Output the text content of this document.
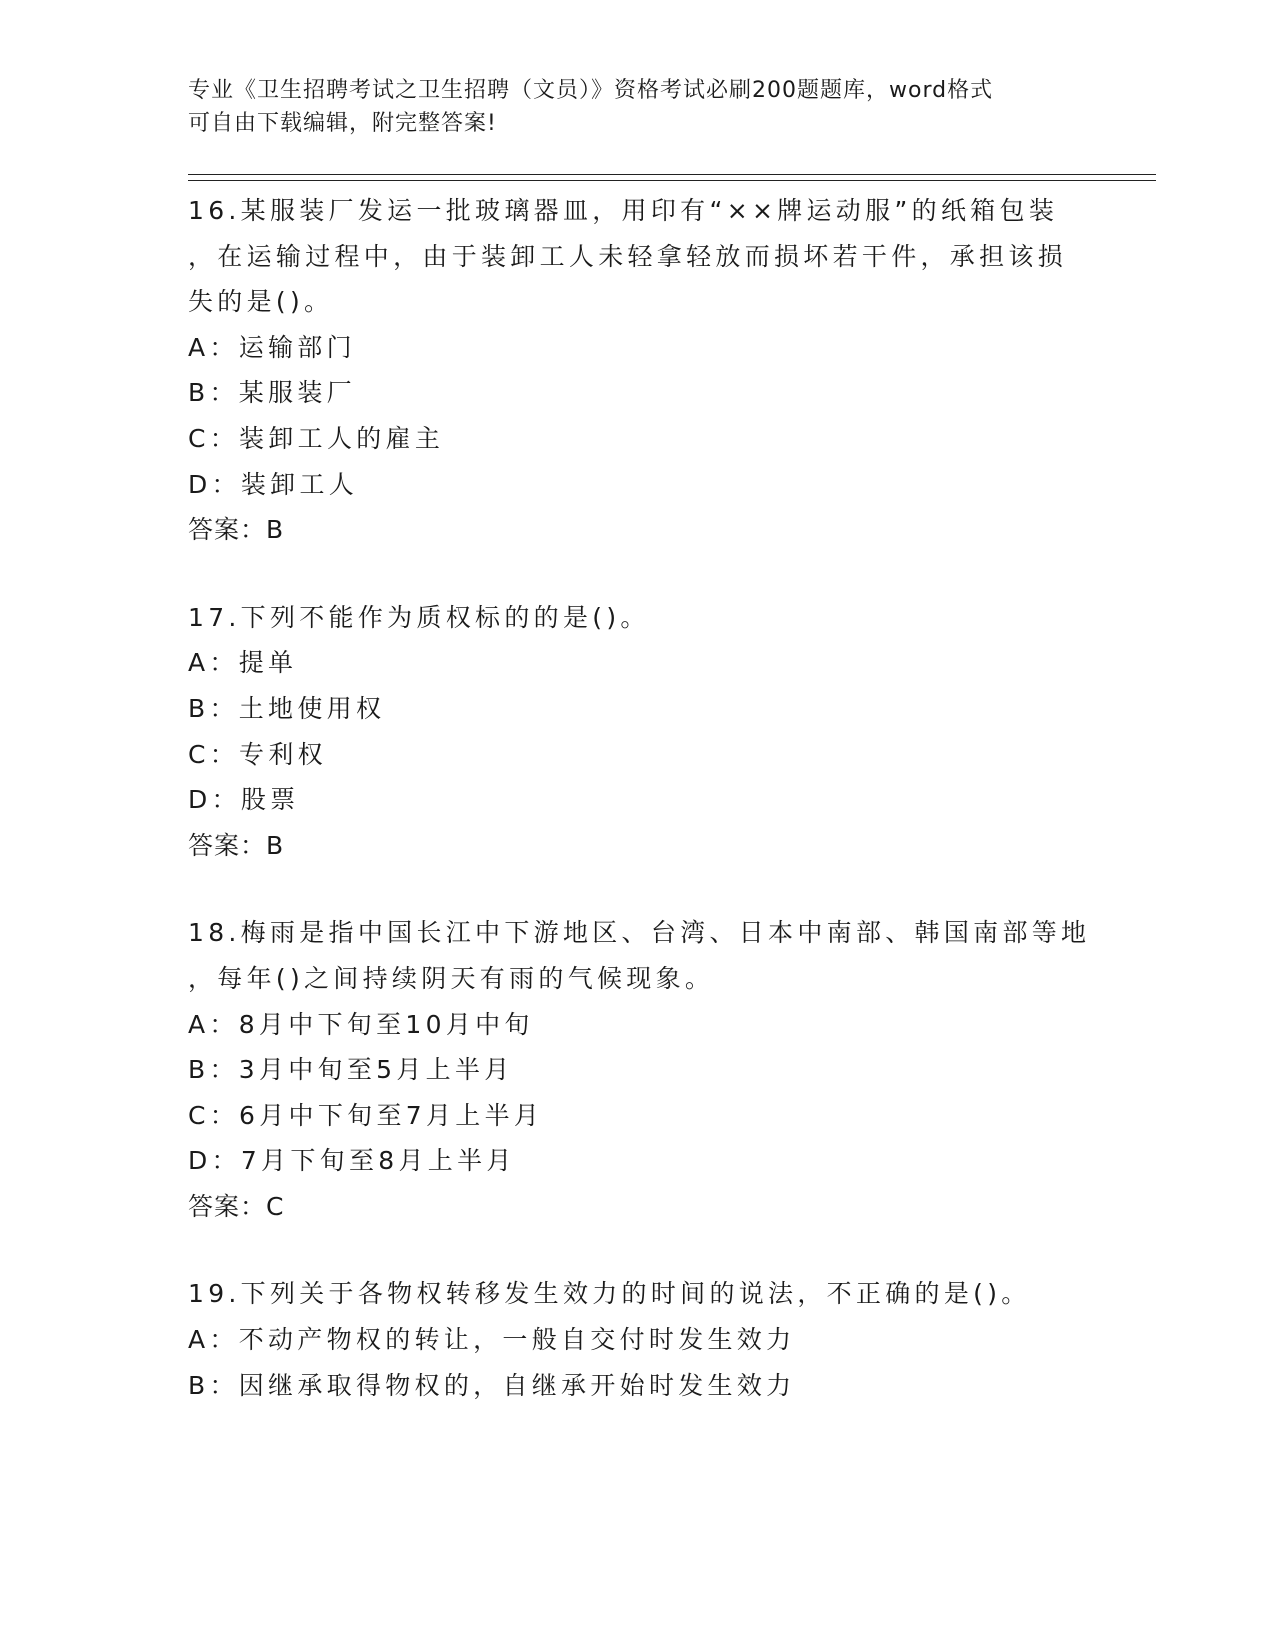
专业《卫生招聘考试之卫生招聘（文员）》资格考试必刷200题题库，word格式
可自由下载编辑，附完整答案!
16.某服装厂发运一批玻璃器皿，用印有“××牌运动服”的纸箱包装
，在运输过程中，由于装卸工人未轻拿轻放而损坏若干件，承担该损
失的是()。
A：运输部门
B：某服装厂
C：装卸工人的雇主
D：装卸工人
答案：B
17.下列不能作为质权标的的是()。
A：提单
B：土地使用权
C：专利权
D：股票
答案：B
18.梅雨是指中国长江中下游地区、台湾、日本中南部、韩国南部等地
，每年()之间持续阴天有雨的气候现象。
A：8月中下旬至10月中旬
B：3月中旬至5月上半月
C：6月中下旬至7月上半月
D：7月下旬至8月上半月
答案：C
19.下列关于各物权转移发生效力的时间的说法，不正确的是()。
A：不动产物权的转让，一般自交付时发生效力
B：因继承取得物权的，自继承开始时发生效力
